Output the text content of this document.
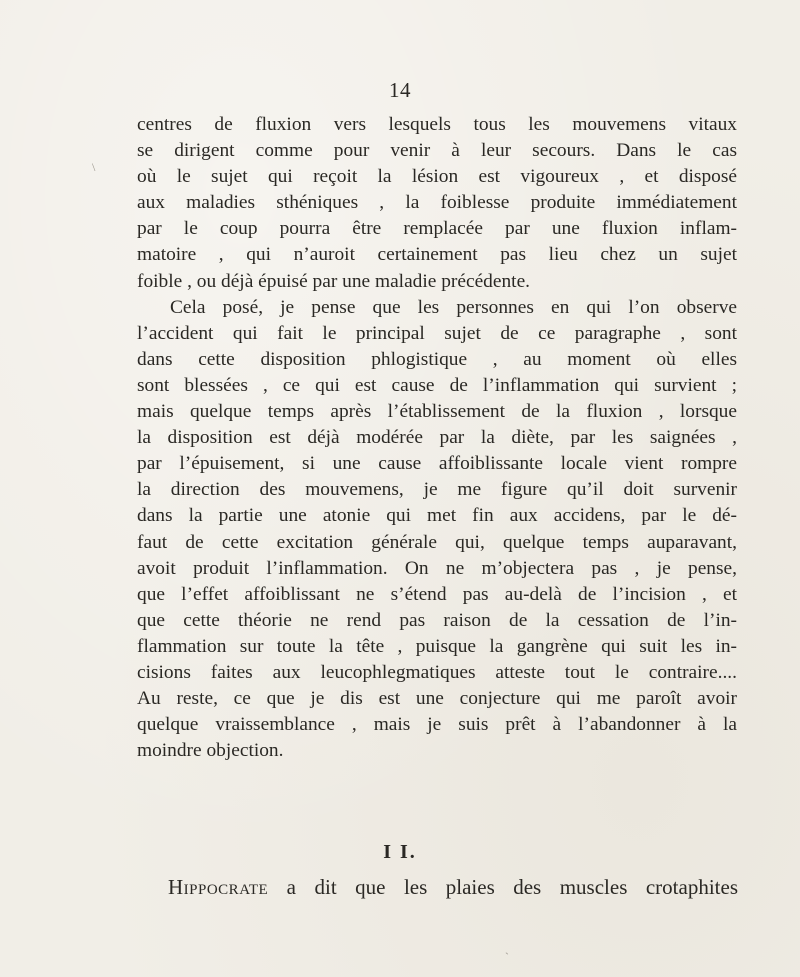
14
centres de fluxion vers lesquels tous les mouvemens vitaux
se dirigent comme pour venir à leur secours. Dans le cas
où le sujet qui reçoit la lésion est vigoureux , et disposé
aux maladies sthéniques , la foiblesse produite immédiatement
par le coup pourra être remplacée par une fluxion inflam-
matoire , qui n’auroit certainement pas lieu chez un sujet
foible , ou déjà épuisé par une maladie précédente.
Cela posé, je pense que les personnes en qui l’on observe
l’accident qui fait le principal sujet de ce paragraphe , sont
dans cette disposition phlogistique , au moment où elles
sont blessées , ce qui est cause de l’inflammation qui survient ;
mais quelque temps après l’établissement de la fluxion , lorsque
la disposition est déjà modérée par la diète, par les saignées ,
par l’épuisement, si une cause affoiblissante locale vient rompre
la direction des mouvemens, je me figure qu’il doit survenir
dans la partie une atonie qui met fin aux accidens, par le dé-
faut de cette excitation générale qui, quelque temps auparavant,
avoit produit l’inflammation. On ne m’objectera pas , je pense,
que l’effet affoiblissant ne s’étend pas au-delà de l’incision , et
que cette théorie ne rend pas raison de la cessation de l’in-
flammation sur toute la tête , puisque la gangrène qui suit les in-
cisions faites aux leucophlegmatiques atteste tout le contraire....
Au reste, ce que je dis est une conjecture qui me paroît avoir
quelque vraissemblance , mais je suis prêt à l’abandonner à la
moindre objection.
I I.
Hippocrate a dit que les plaies des muscles crotaphites
\
`
